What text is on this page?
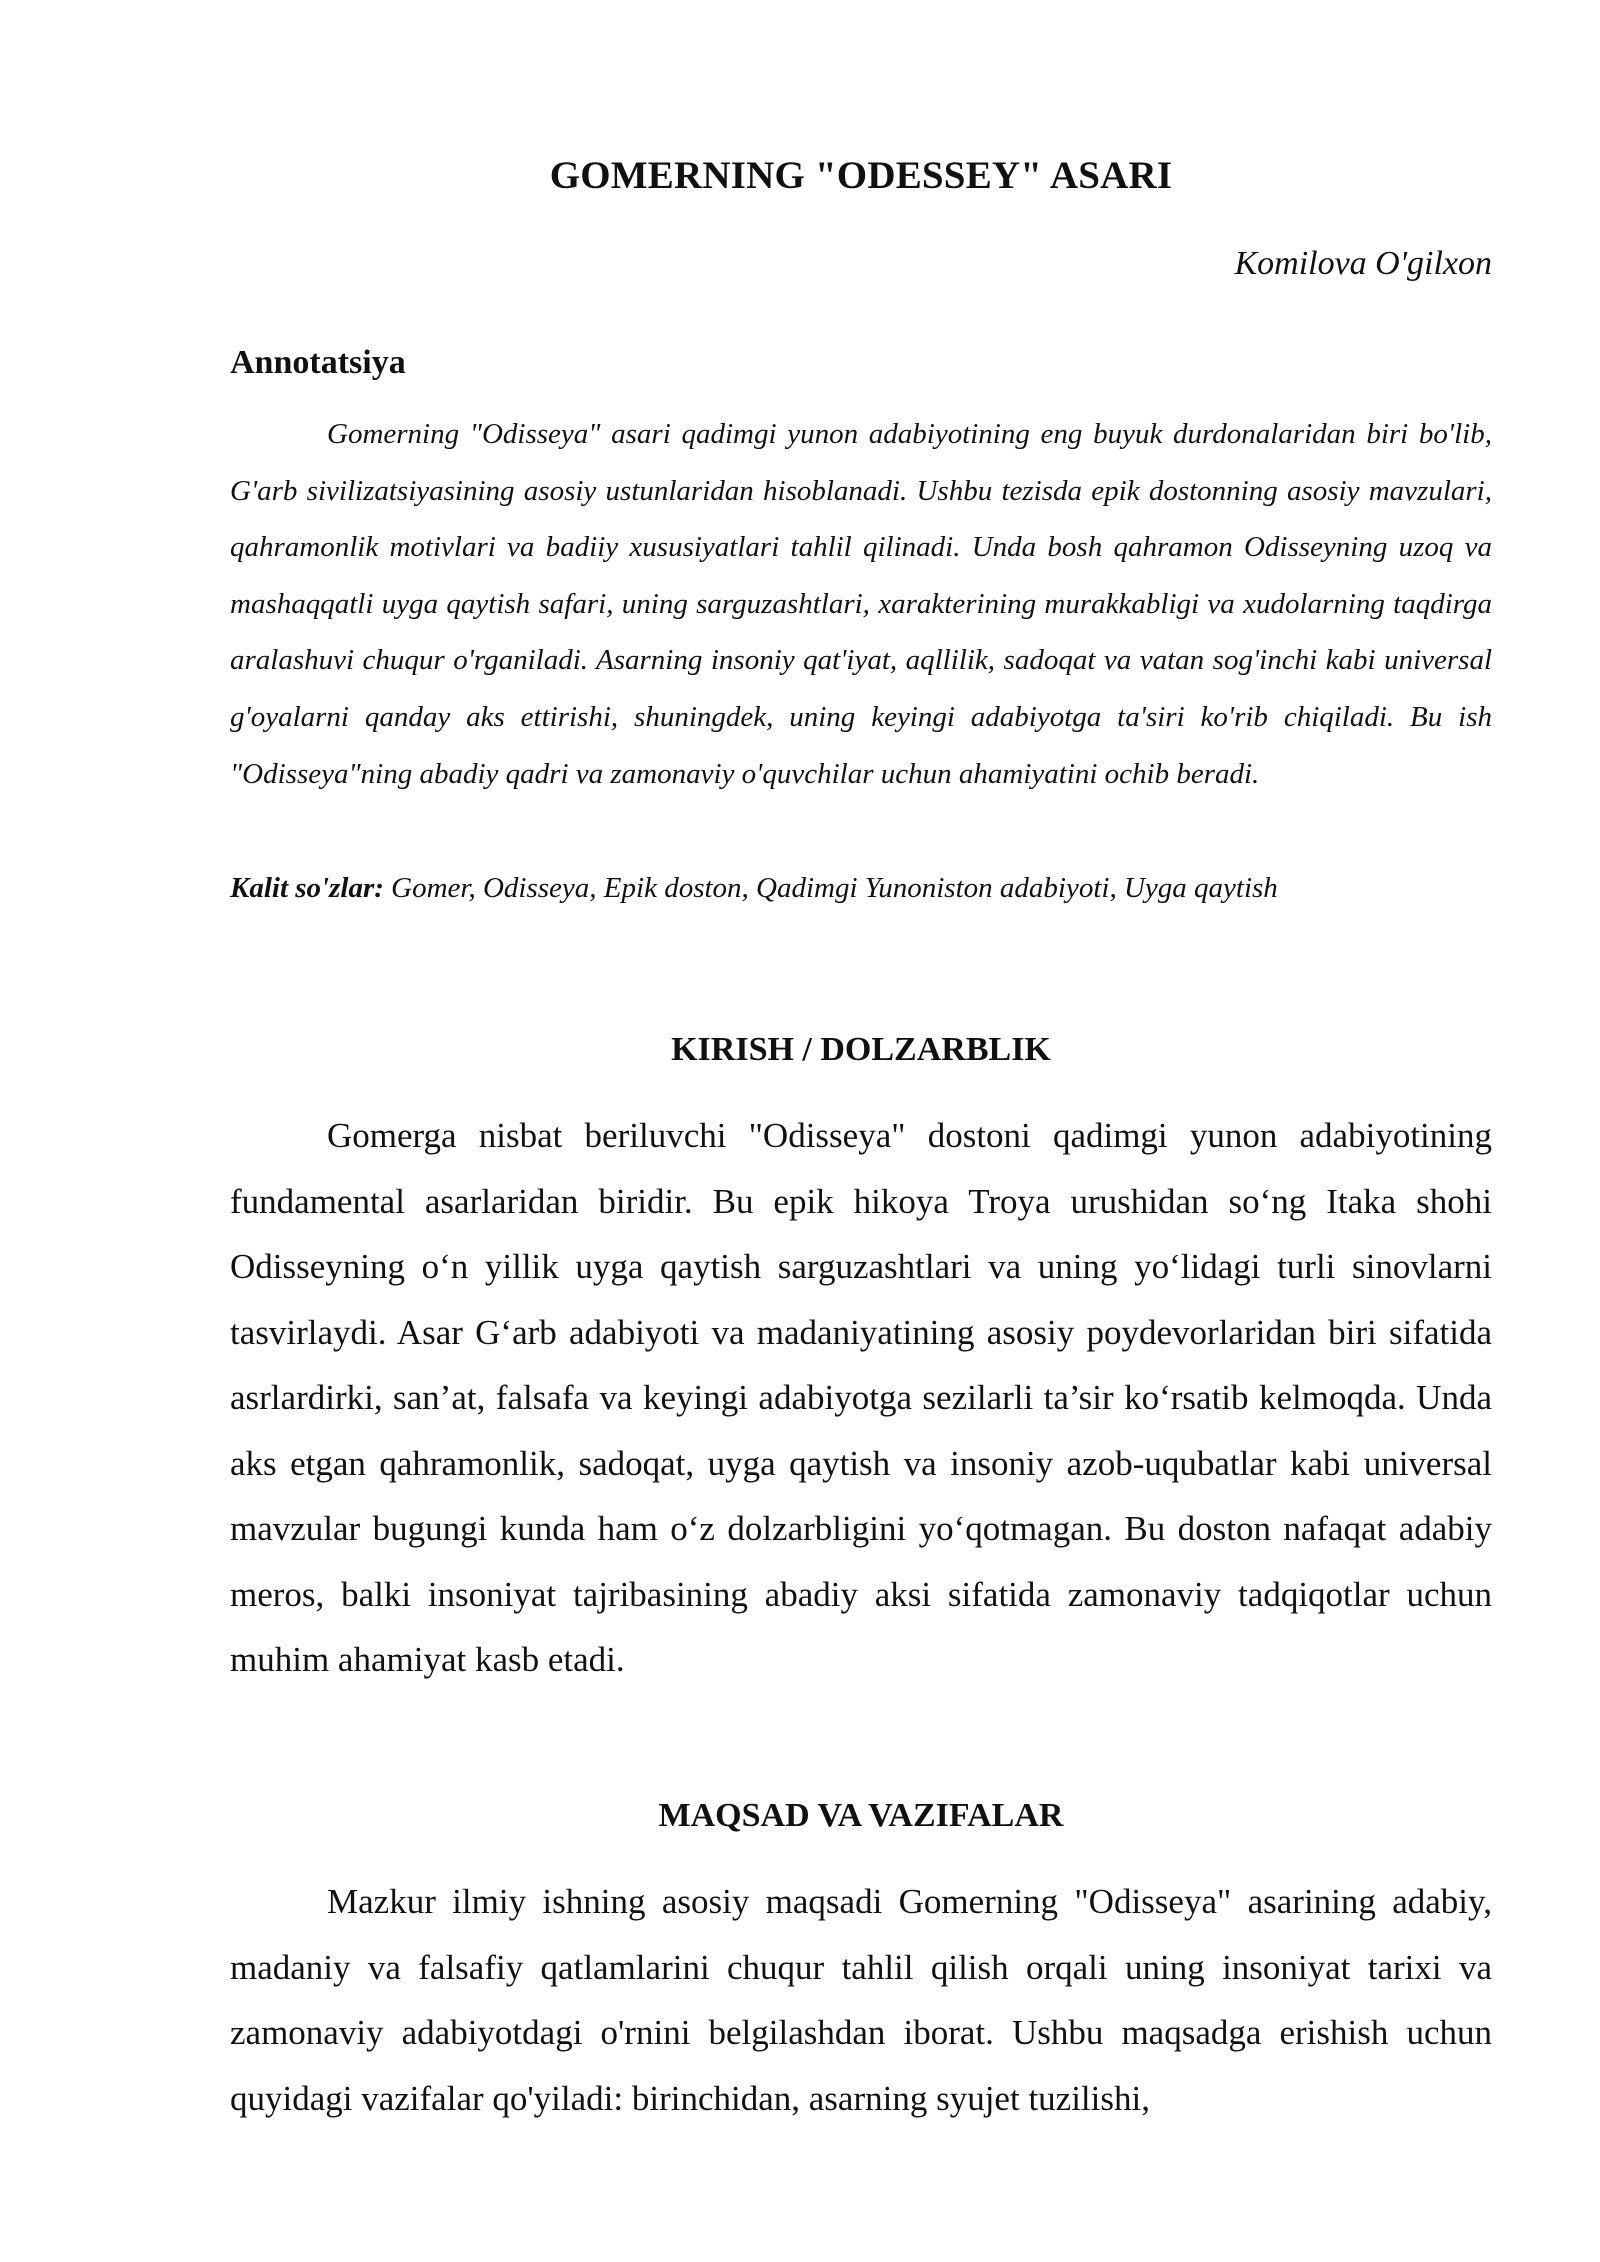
GOMERNING "ODESSEY" ASARI

Komilova O'gilxon

Annotatsiya

Gomerning "Odisseya" asari qadimgi yunon adabiyotining eng buyuk durdonalaridan biri bo'lib, G'arb sivilizatsiyasining asosiy ustunlaridan hisoblanadi. Ushbu tezisda epik dostonning asosiy mavzulari, qahramonlik motivlari va badiiy xususiyatlari tahlil qilinadi. Unda bosh qahramon Odisseyning uzoq va mashaqqatli uyga qaytish safari, uning sarguzashtlari, xarakterining murakkabligi va xudolarning taqdirga aralashuvi chuqur o'rganiladi. Asarning insoniy qat'iyat, aqllilik, sadoqat va vatan sog'inchi kabi universal g'oyalarni qanday aks ettirishi, shuningdek, uning keyingi adabiyotga ta'siri ko'rib chiqiladi. Bu ish "Odisseya"ning abadiy qadri va zamonaviy o'quvchilar uchun ahamiyatini ochib beradi.

Kalit so'zlar: Gomer, Odisseya, Epik doston, Qadimgi Yunoniston adabiyoti, Uyga qaytish

KIRISH / DOLZARBLIK

Gomerga nisbat beriluvchi "Odisseya" dostoni qadimgi yunon adabiyotining fundamental asarlaridan biridir. Bu epik hikoya Troya urushidan so‘ng Itaka shohi Odisseyning o‘n yillik uyga qaytish sarguzashtlari va uning yo‘lidagi turli sinovlarni tasvirlaydi. Asar G‘arb adabiyoti va madaniyatining asosiy poydevorlaridan biri sifatida asrlardirki, san’at, falsafa va keyingi adabiyotga sezilarli ta’sir ko‘rsatib kelmoqda. Unda aks etgan qahramonlik, sadoqat, uyga qaytish va insoniy azob-uqubatlar kabi universal mavzular bugungi kunda ham o‘z dolzarbligini yo‘qotmagan. Bu doston nafaqat adabiy meros, balki insoniyat tajribasining abadiy aksi sifatida zamonaviy tadqiqotlar uchun muhim ahamiyat kasb etadi.

MAQSAD VA VAZIFALAR

Mazkur ilmiy ishning asosiy maqsadi Gomerning "Odisseya" asarining adabiy, madaniy va falsafiy qatlamlarini chuqur tahlil qilish orqali uning insoniyat tarixi va zamonaviy adabiyotdagi o'rnini belgilashdan iborat. Ushbu maqsadga erishish uchun quyidagi vazifalar qo'yiladi: birinchidan, asarning syujet tuzilishi,
